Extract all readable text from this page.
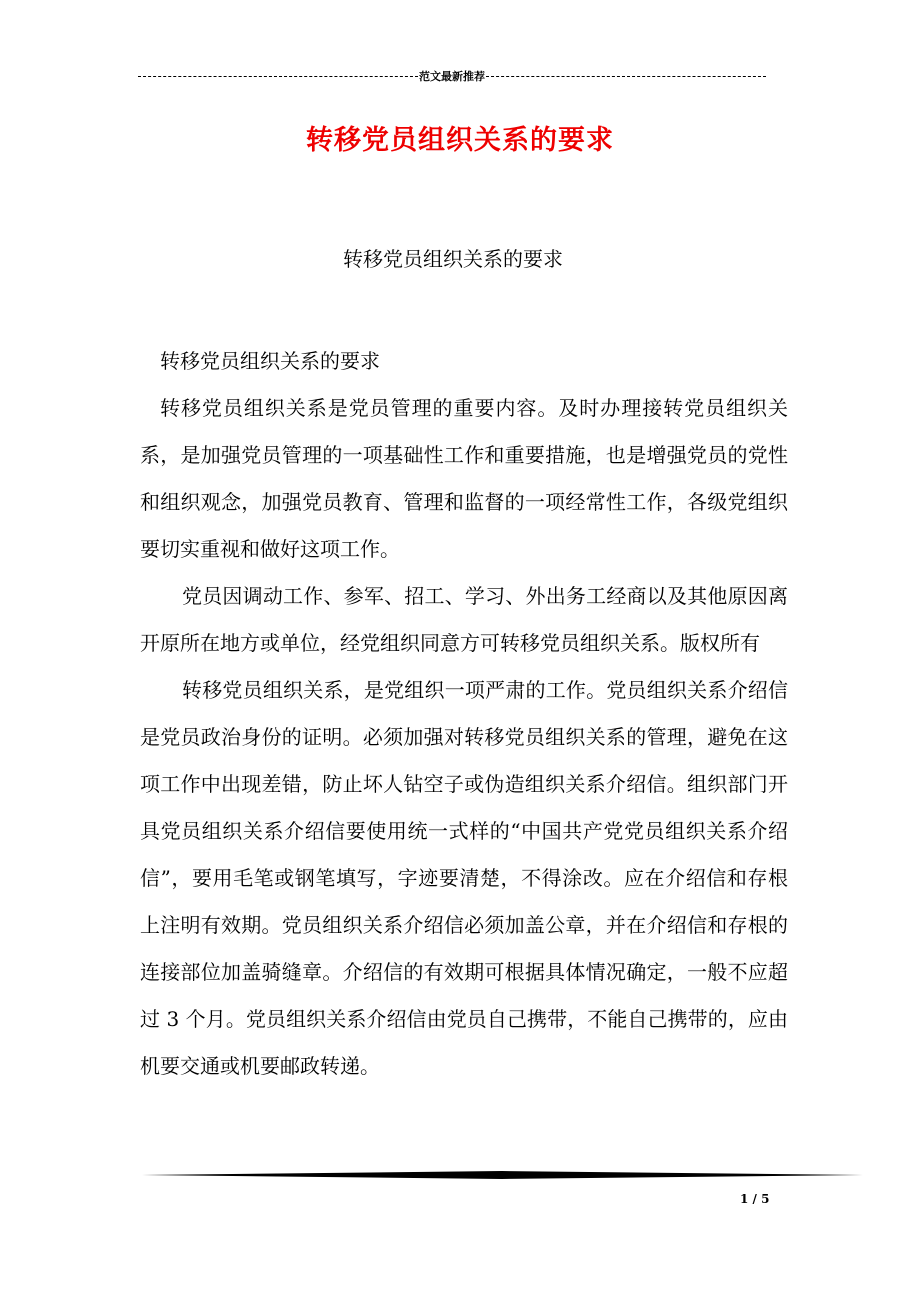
范文最新推荐
转移党员组织关系的要求
转移党员组织关系的要求

转移党员组织关系的要求

转移党员组织关系是党员管理的重要内容。及时办理接转党员组织关系，是加强党员管理的一项基础性工作和重要措施，也是增强党员的党性和组织观念，加强党员教育、管理和监督的一项经常性工作，各级党组织要切实重视和做好这项工作。

党员因调动工作、参军、招工、学习、外出务工经商以及其他原因离开原所在地方或单位，经党组织同意方可转移党员组织关系。版权所有

转移党员组织关系，是党组织一项严肃的工作。党员组织关系介绍信是党员政治身份的证明。必须加强对转移党员组织关系的管理，避免在这项工作中出现差错，防止坏人钻空子或伪造组织关系介绍信。组织部门开具党员组织关系介绍信要使用统一式样的“中国共产党党员组织关系介绍信”，要用毛笔或钢笔填写，字迹要清楚，不得涂改。应在介绍信和存根上注明有效期。党员组织关系介绍信必须加盖公章，并在介绍信和存根的连接部位加盖骑缝章。介绍信的有效期可根据具体情况确定，一般不应超过 3 个月。党员组织关系介绍信由党员自己携带，不能自己携带的，应由机要交通或机要邮政转递。

1 / 5
